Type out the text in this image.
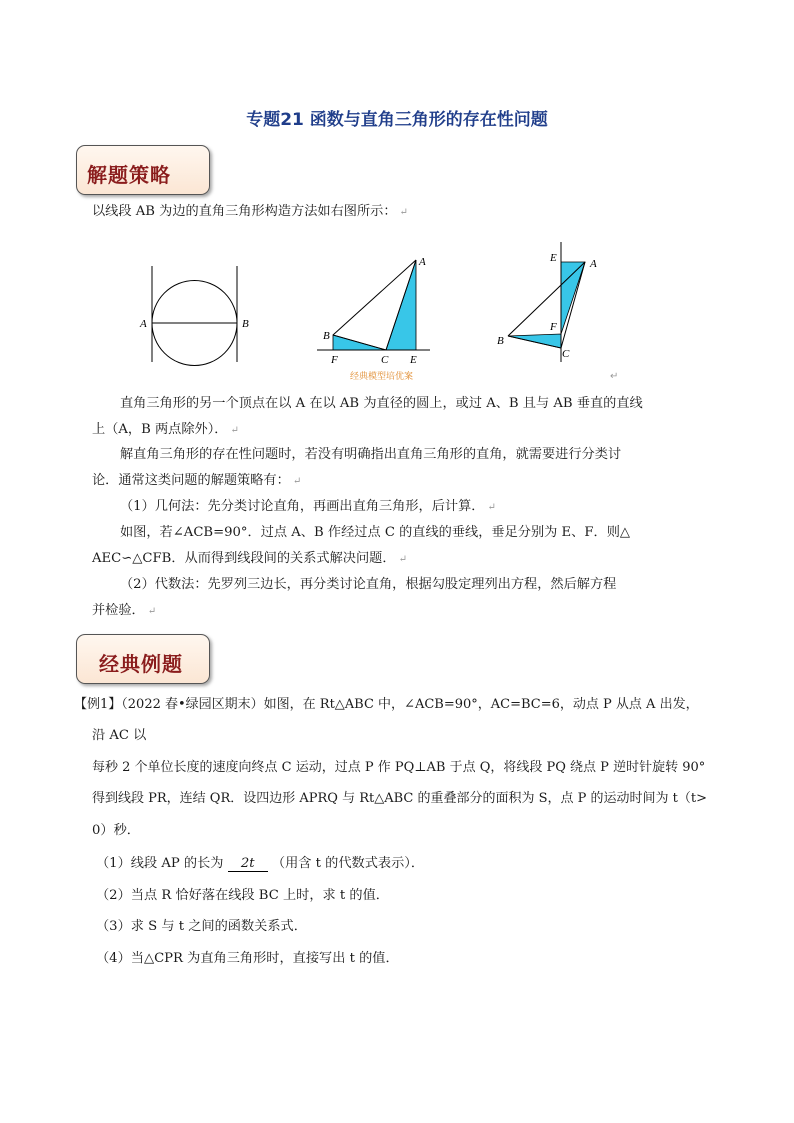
专题21 函数与直角三角形的存在性问题
解题策略
以线段 AB 为边的直角三角形构造方法如右图所示： ↵
A	B
A
B
F	C E
经典模型培优案
E	A
F
B
C
↵
直角三角形的另一个顶点在以 A 在以 AB 为直径的圆上，或过 A、B 且与 AB 垂直的直线
上（A，B 两点除外）． ↵
解直角三角形的存在性问题时，若没有明确指出直角三角形的直角，就需要进行分类讨
论．通常这类问题的解题策略有： ↵
（1）几何法：先分类讨论直角，再画出直角三角形，后计算． ↵
如图，若∠ACB=90°．过点 A、B 作经过点 C 的直线的垂线，垂足分别为 E、F．则△
AEC∽△CFB．从而得到线段间的关系式解决问题． ↵
（2）代数法：先罗列三边长，再分类讨论直角，根据勾股定理列出方程，然后解方程
并检验． ↵
经典例题
【例1】（2022 春•绿园区期末）如图，在 Rt△ABC 中，∠ACB=90°，AC=BC=6，动点 P 从点 A 出发，
沿 AC 以
每秒 2 个单位长度的速度向终点 C 运动，过点 P 作 PQ⊥AB 于点 Q，将线段 PQ 绕点 P 逆时针旋转 90°
得到线段 PR，连结 QR．设四边形 APRQ 与 Rt△ABC 的重叠部分的面积为 S，点 P 的运动时间为 t（t>
0）秒．
（1）线段 AP 的长为 2t （用含 t 的代数式表示）．
（2）当点 R 恰好落在线段 BC 上时，求 t 的值．
（3）求 S 与 t 之间的函数关系式．
（4）当△CPR 为直角三角形时，直接写出 t 的值．
